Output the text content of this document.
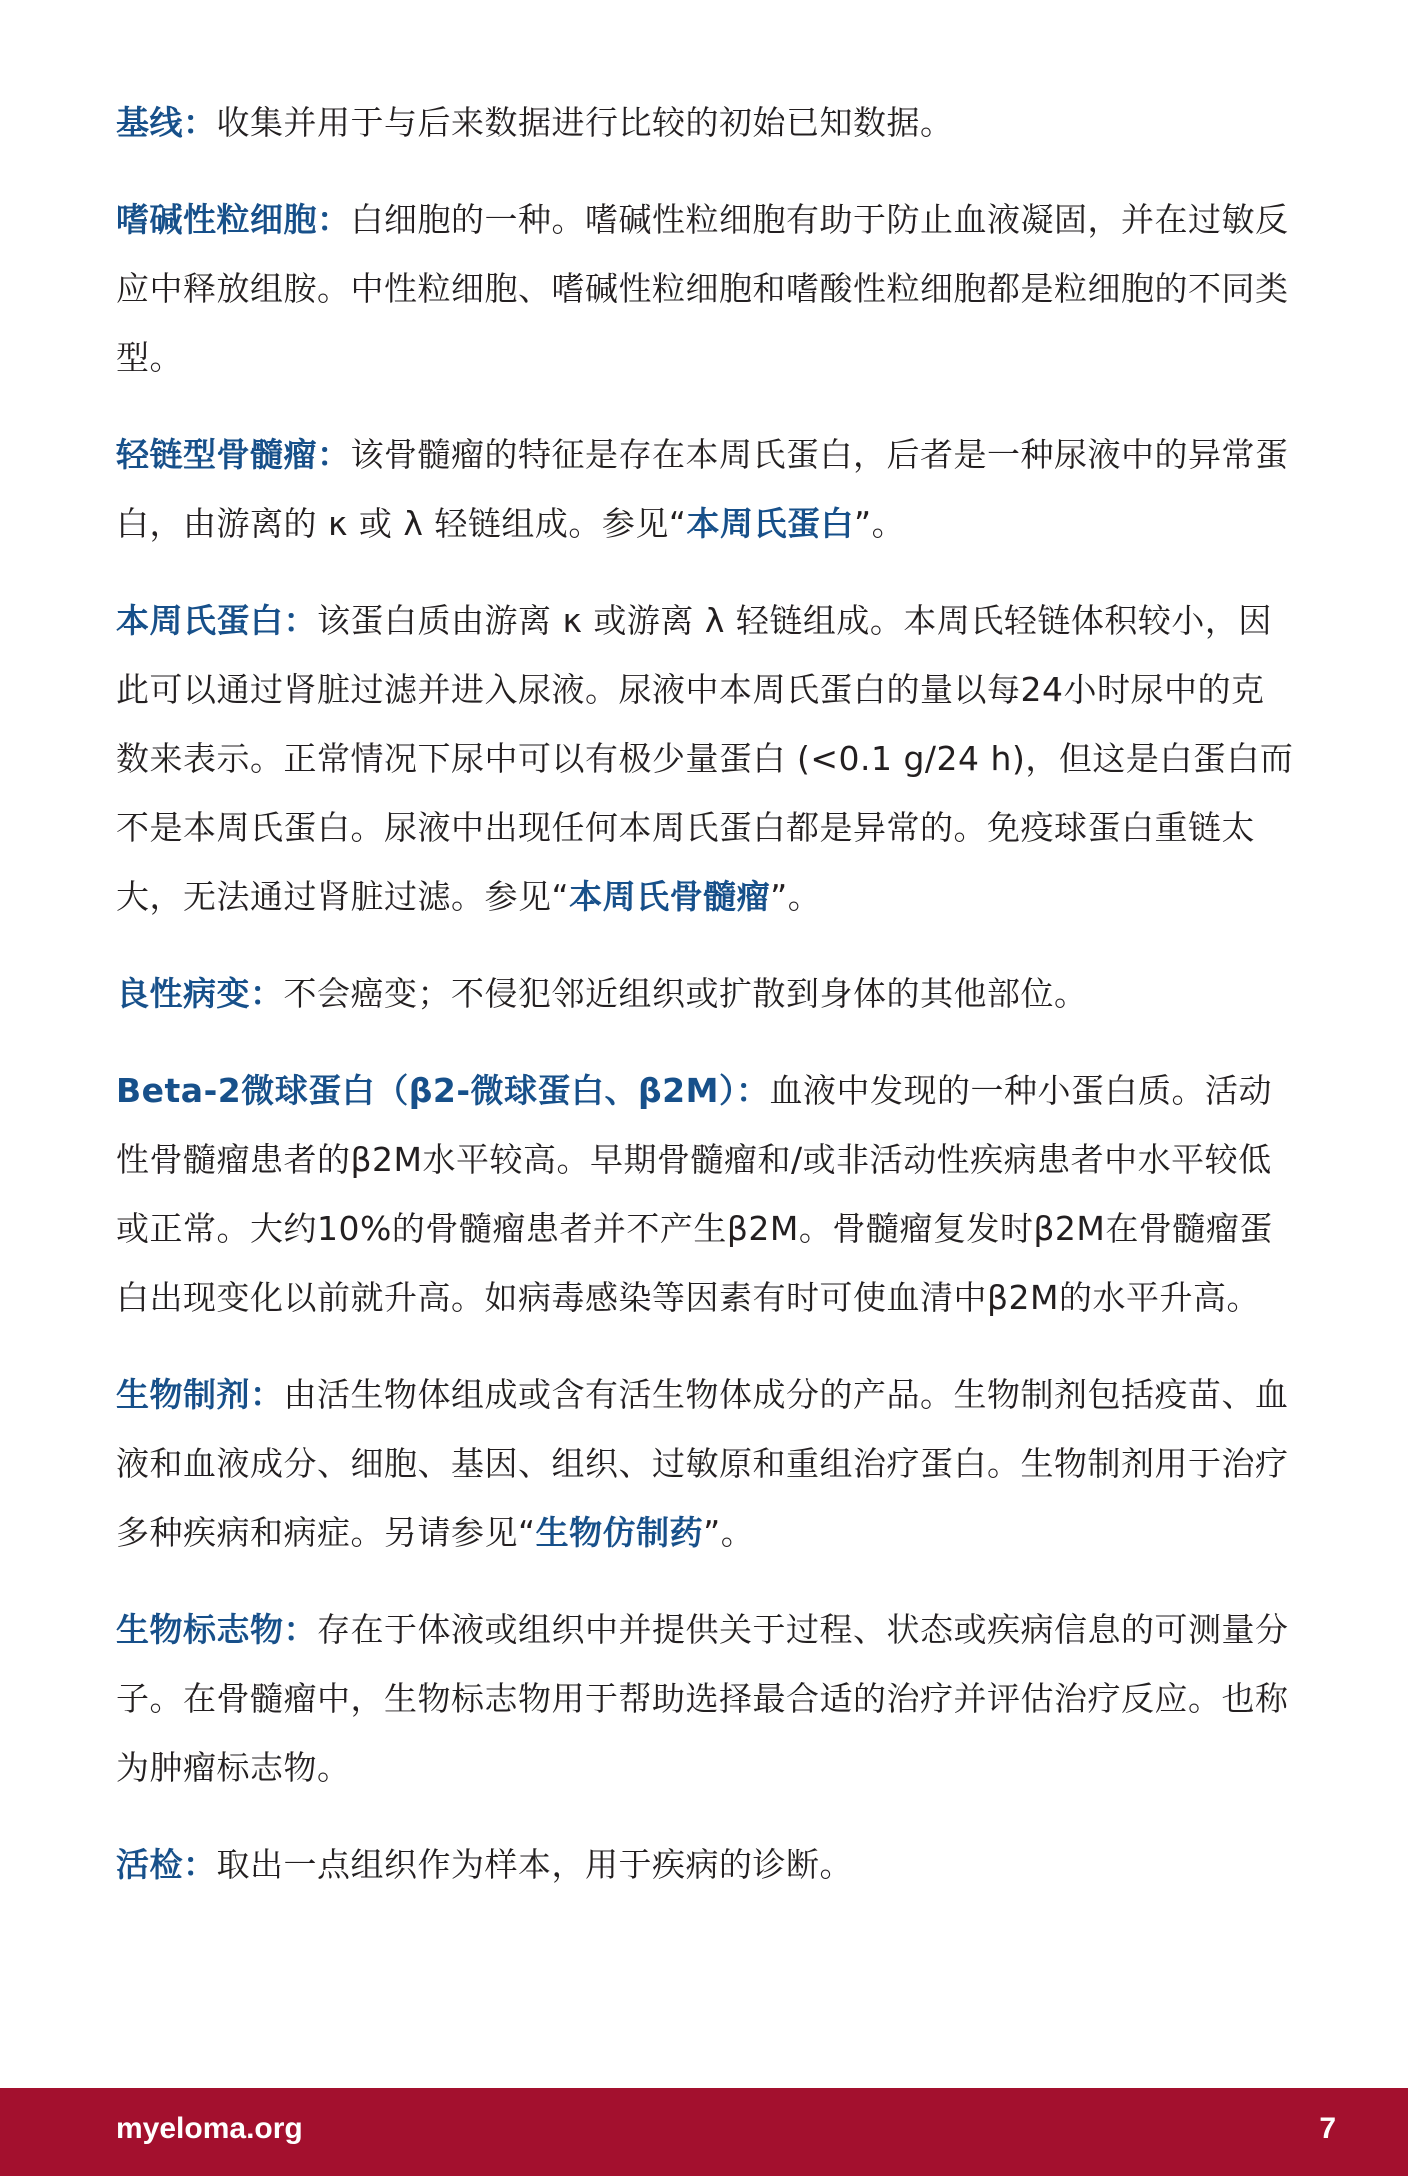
基线：收集并用于与后来数据进行比较的初始已知数据。

嗜碱性粒细胞：白细胞的一种。嗜碱性粒细胞有助于防止血液凝固，并在过敏反应中释放组胺。中性粒细胞、嗜碱性粒细胞和嗜酸性粒细胞都是粒细胞的不同类型。

轻链型骨髓瘤：该骨髓瘤的特征是存在本周氏蛋白，后者是一种尿液中的异常蛋白，由游离的 κ 或 λ 轻链组成。参见“本周氏蛋白”。

本周氏蛋白：该蛋白质由游离 κ 或游离 λ 轻链组成。本周氏轻链体积较小，因此可以通过肾脏过滤并进入尿液。尿液中本周氏蛋白的量以每24小时尿中的克数来表示。正常情况下尿中可以有极少量蛋白 (<0.1 g/24 h)，但这是白蛋白而不是本周氏蛋白。尿液中出现任何本周氏蛋白都是异常的。免疫球蛋白重链太大，无法通过肾脏过滤。参见“本周氏骨髓瘤”。

良性病变：不会癌变；不侵犯邻近组织或扩散到身体的其他部位。

Beta-2微球蛋白（β2-微球蛋白、β2M）：血液中发现的一种小蛋白质。活动性骨髓瘤患者的β2M水平较高。早期骨髓瘤和/或非活动性疾病患者中水平较低或正常。大约10%的骨髓瘤患者并不产生β2M。骨髓瘤复发时β2M在骨髓瘤蛋白出现变化以前就升高。如病毒感染等因素有时可使血清中β2M的水平升高。

生物制剂：由活生物体组成或含有活生物体成分的产品。生物制剂包括疫苗、血液和血液成分、细胞、基因、组织、过敏原和重组治疗蛋白。生物制剂用于治疗多种疾病和病症。另请参见“生物仿制药”。

生物标志物：存在于体液或组织中并提供关于过程、状态或疾病信息的可测量分子。在骨髓瘤中，生物标志物用于帮助选择最合适的治疗并评估治疗反应。也称为肿瘤标志物。

活检：取出一点组织作为样本，用于疾病的诊断。

myeloma.org	7
